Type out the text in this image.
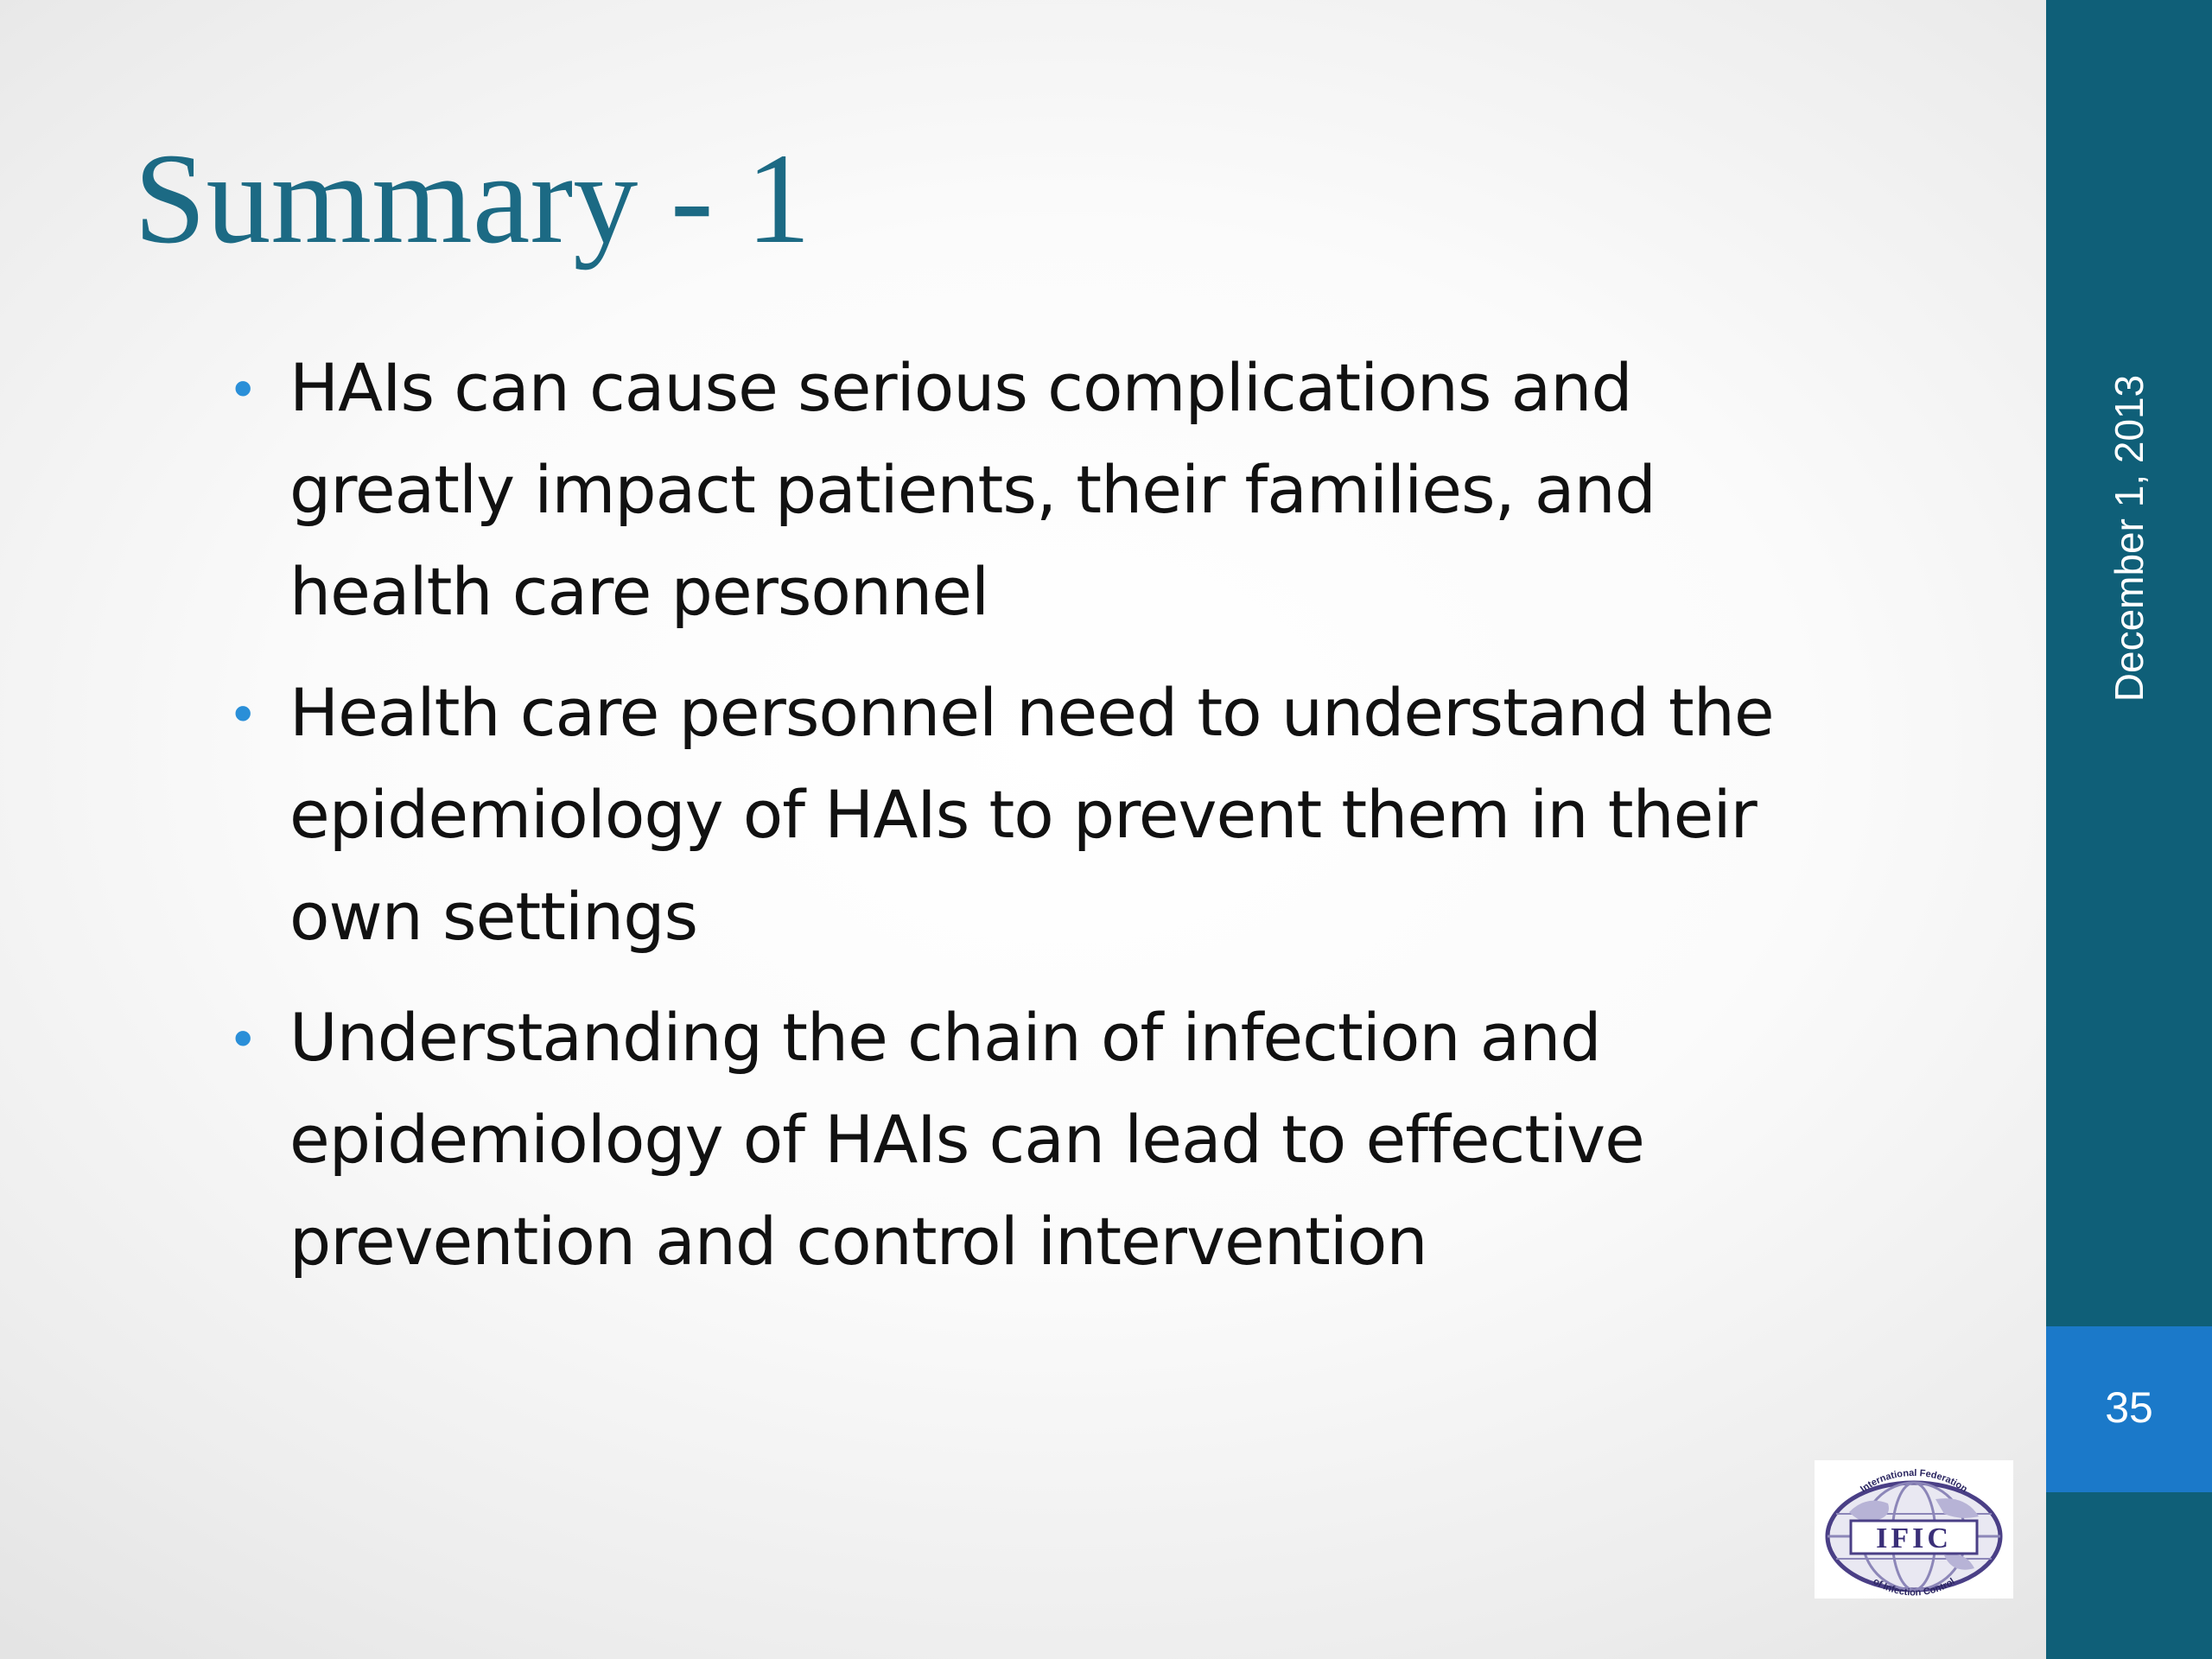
Summary - 1
• HAIs can cause serious complications and greatly impact patients, their families, and health care personnel
• Health care personnel need to understand the epidemiology of HAIs to prevent them in their own settings
• Understanding the chain of infection and epidemiology of HAIs can lead to effective prevention and control intervention
December 1, 2013
35
IFIC
International Federation
of Infection Control
